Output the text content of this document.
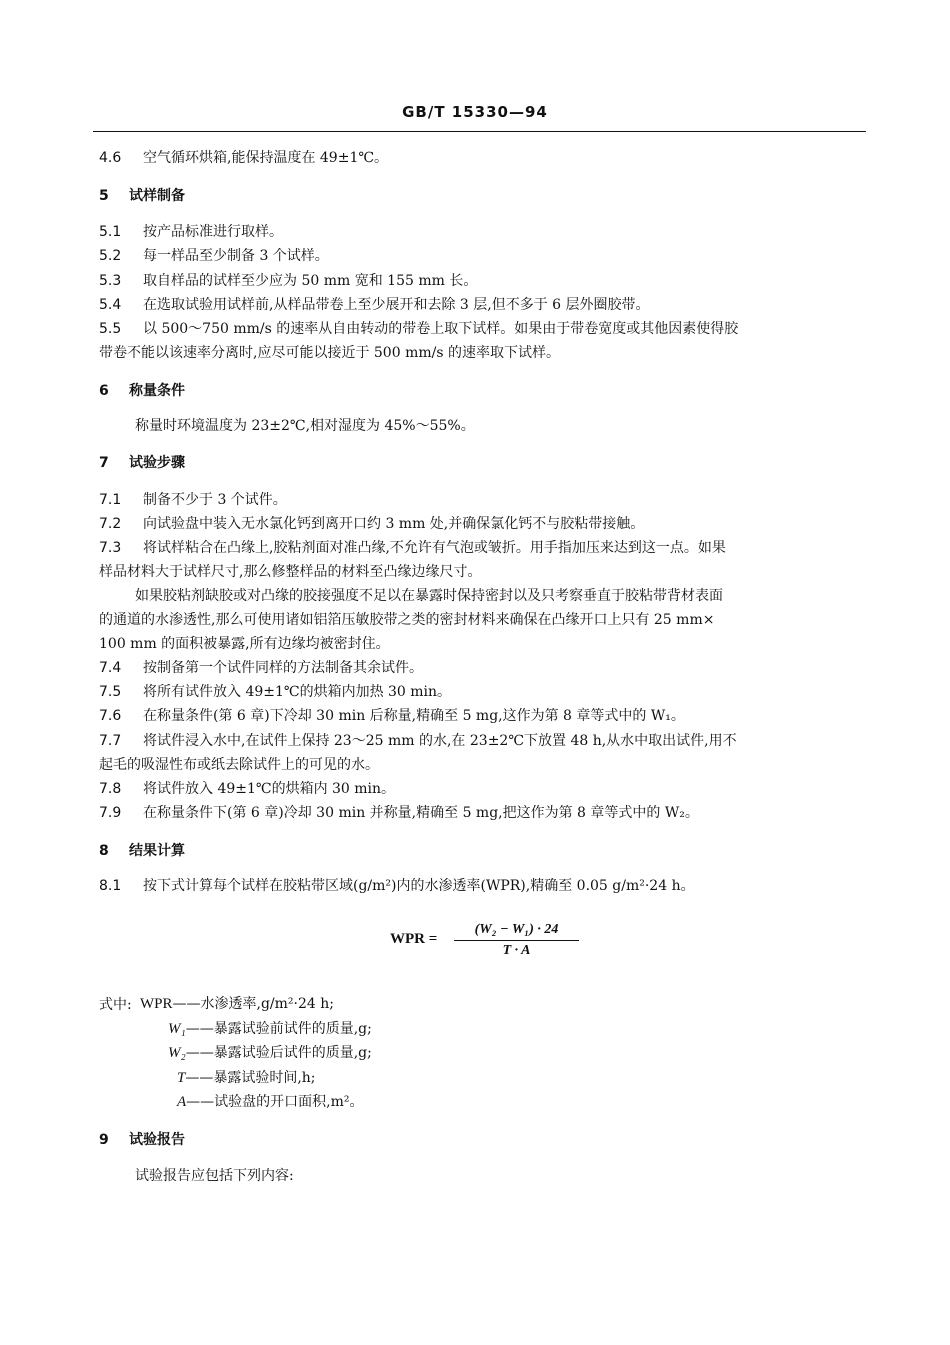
GB/T 15330—94
4.6 空气循环烘箱,能保持温度在 49±1℃。
5 试样制备
5.1 按产品标准进行取样。
5.2 每一样品至少制备 3 个试样。
5.3 取自样品的试样至少应为 50 mm 宽和 155 mm 长。
5.4 在选取试验用试样前,从样品带卷上至少展开和去除 3 层,但不多于 6 层外圈胶带。
5.5 以 500～750 mm/s 的速率从自由转动的带卷上取下试样。如果由于带卷宽度或其他因素使得胶
带卷不能以该速率分离时,应尽可能以接近于 500 mm/s 的速率取下试样。
6 称量条件
称量时环境温度为 23±2℃,相对湿度为 45%～55%。
7 试验步骤
7.1 制备不少于 3 个试件。
7.2 向试验盘中装入无水氯化钙到离开口约 3 mm 处,并确保氯化钙不与胶粘带接触。
7.3 将试样粘合在凸缘上,胶粘剂面对准凸缘,不允许有气泡或皱折。用手指加压来达到这一点。如果
样品材料大于试样尺寸,那么修整样品的材料至凸缘边缘尺寸。
如果胶粘剂缺胶或对凸缘的胶接强度不足以在暴露时保持密封以及只考察垂直于胶粘带背材表面
的通道的水渗透性,那么可使用诸如铝箔压敏胶带之类的密封材料来确保在凸缘开口上只有 25 mm×
100 mm 的面积被暴露,所有边缘均被密封住。
7.4 按制备第一个试件同样的方法制备其余试件。
7.5 将所有试件放入 49±1℃的烘箱内加热 30 min。
7.6 在称量条件(第 6 章)下冷却 30 min 后称量,精确至 5 mg,这作为第 8 章等式中的 W₁。
7.7 将试件浸入水中,在试件上保持 23～25 mm 的水,在 23±2℃下放置 48 h,从水中取出试件,用不
起毛的吸湿性布或纸去除试件上的可见的水。
7.8 将试件放入 49±1℃的烘箱内 30 min。
7.9 在称量条件下(第 6 章)冷却 30 min 并称量,精确至 5 mg,把这作为第 8 章等式中的 W₂。
8 结果计算
8.1 按下式计算每个试样在胶粘带区域(g/m²)内的水渗透率(WPR),精确至 0.05 g/m²·24 h。
WPR =
(W₂ − W₁) · 24
T · A
式中: WPR——水渗透率,g/m²·24 h;
W₁——暴露试验前试件的质量,g;
W₂——暴露试验后试件的质量,g;
T——暴露试验时间,h;
A——试验盘的开口面积,m²。
9 试验报告
试验报告应包括下列内容:
